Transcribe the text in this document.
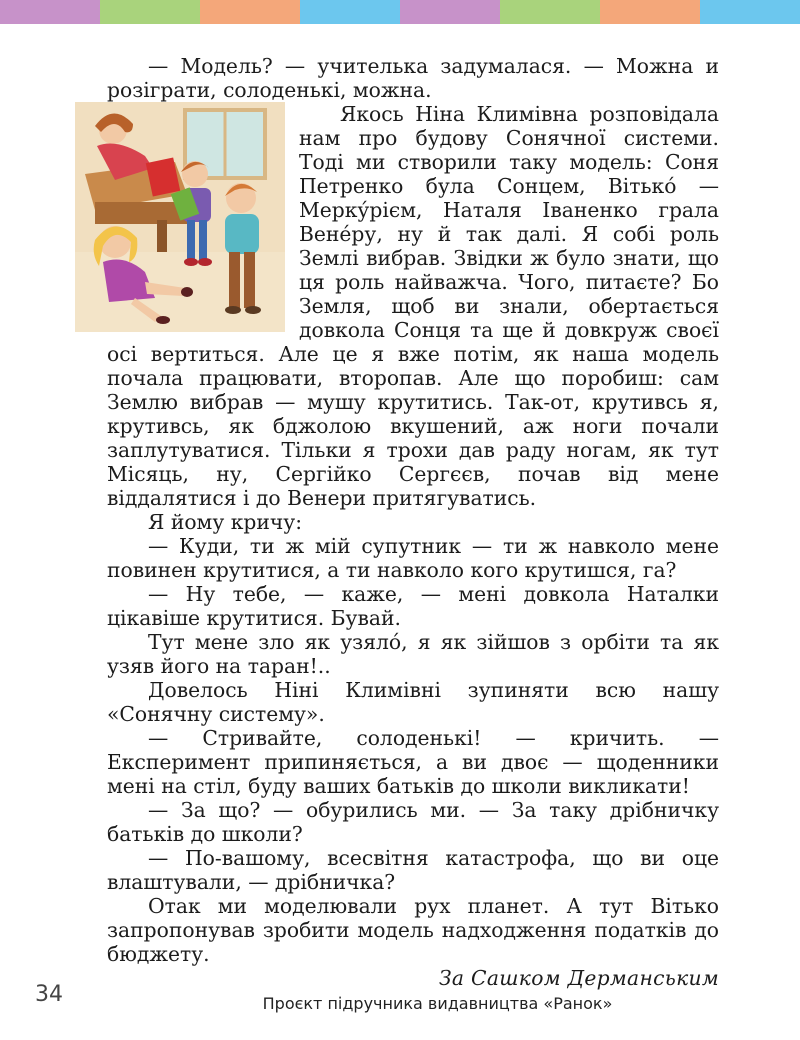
— Модель? — учителька задумалася. — Можна и розіграти, солоденькі, можна.

Якось Ніна Климівна розповідала нам про будову Сонячної системи. Тоді ми створили таку модель: Соня Петренко була Сонцем, Вітько́ — Мерку́рієм, Наталя Іваненко грала Вене́ру, ну й так далі. Я собі роль Землі вибрав. Звідки ж було знати, що ця роль найважча. Чого, питаєте? Бо Земля, щоб ви знали, обертається довкола Сонця та ще й довкруж своєї осі вертиться. Але це я вже потім, як наша модель почала працювати, второпав. Але що поробиш: сам Землю вибрав — мушу крутитись. Так-от, крутивсь я, крутивсь, як бджолою вкушений, аж ноги почали заплутуватися. Тільки я трохи дав раду ногам, як тут Місяць, ну, Сергійко Сергєєв, почав від мене віддалятися і до Венери притягуватись.

Я йому кричу:

— Куди, ти ж мій супутник — ти ж навколо мене повинен крутитися, а ти навколо кого крутишся, га?

— Ну тебе, — каже, — мені довкола Наталки цікавіше крутитися. Бувай.

Тут мене зло як узяло́, я як зійшов з орбіти та як узяв його на таран!..

Довелось Ніні Климівні зупиняти всю нашу «Сонячну систему».

— Стривайте, солоденькі! — кричить. — Експеримент припиняється, а ви двоє — щоденники мені на стіл, буду ваших батьків до школи викликати!

— За що? — обурились ми. — За таку дрібничку батьків до школи?

— По-вашому, всесвітня катастрофа, що ви оце влаштували, — дрібничка?

Отак ми моделювали рух планет. А тут Вітько запропонував зробити модель надходження податків до бюджету.

За Сашком Дерманським
34	Проєкт підручника видавництва «Ранок»
